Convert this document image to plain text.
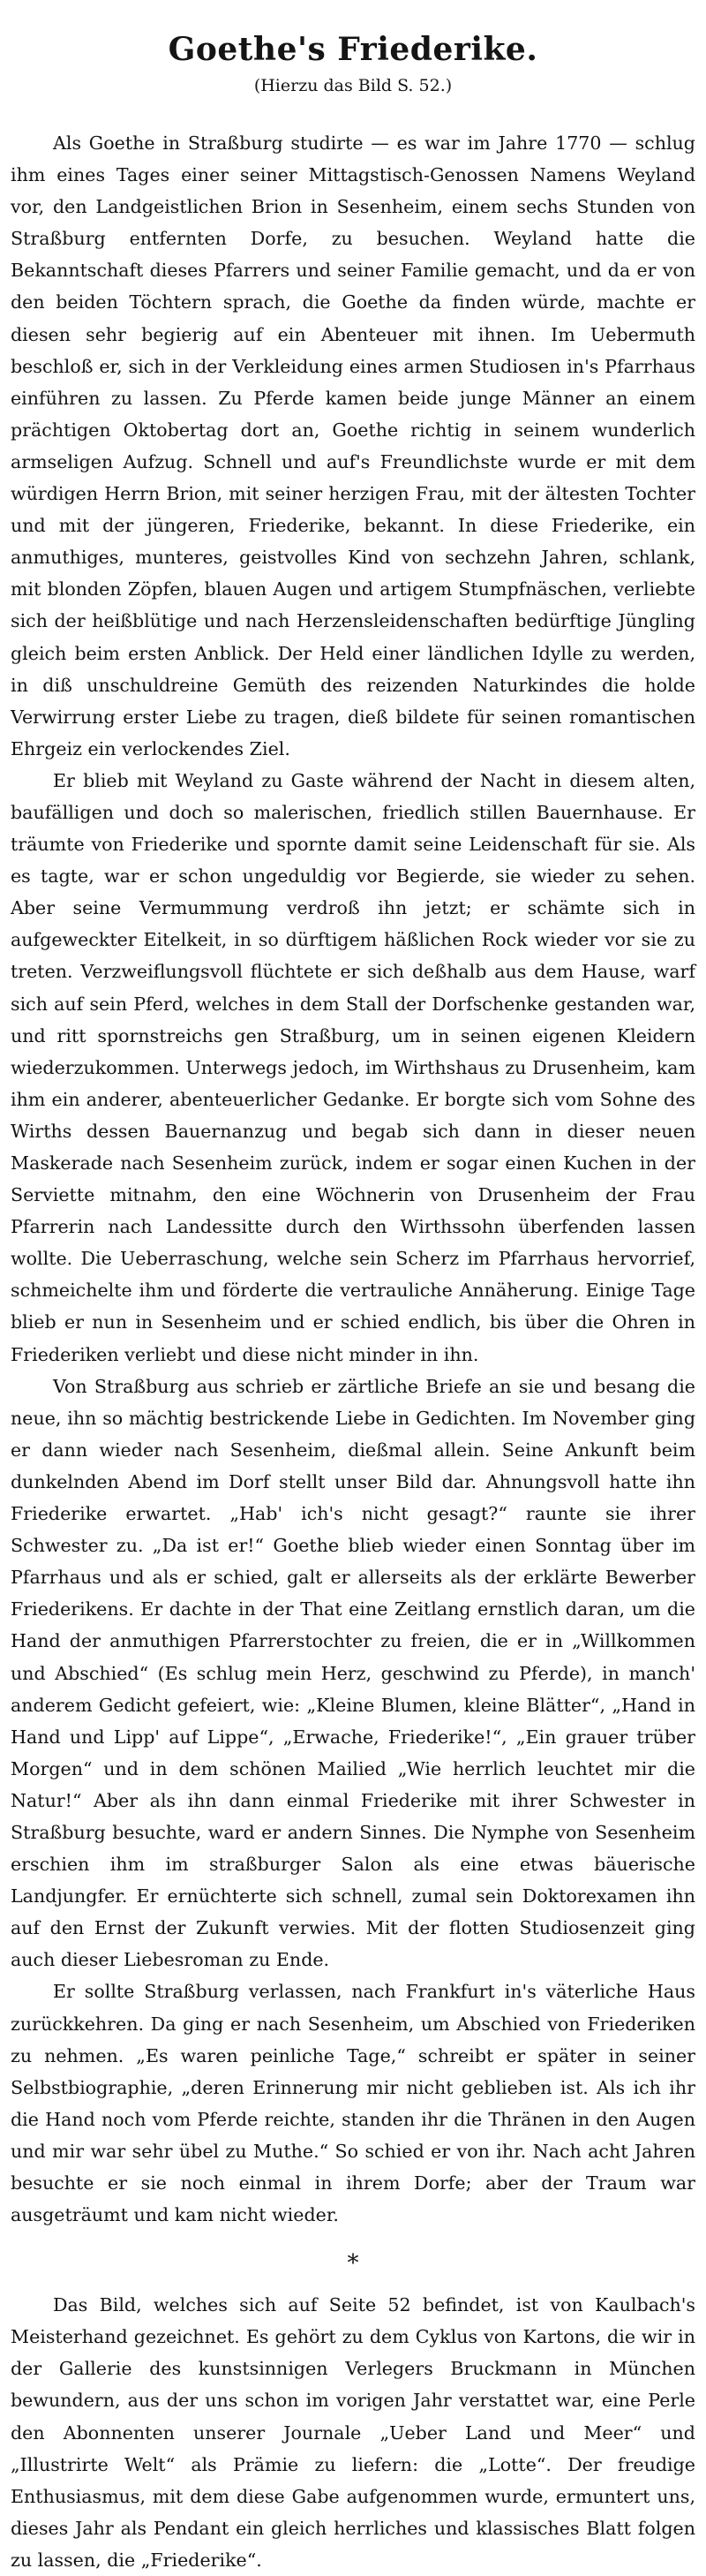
Goethe's Friederike.
(Hierzu das Bild S. 52.)

Als Goethe in Straßburg studirte — es war im Jahre 1770 — schlug ihm eines Tages einer seiner Mittagstisch-Genossen Namens Weyland vor, den Landgeistlichen Brion in Sesenheim, einem sechs Stunden von Straßburg entfernten Dorfe, zu besuchen. Weyland hatte die Bekanntschaft dieses Pfarrers und seiner Familie gemacht, und da er von den beiden Töchtern sprach, die Goethe da finden würde, machte er diesen sehr begierig auf ein Abenteuer mit ihnen. Im Uebermuth beschloß er, sich in der Verkleidung eines armen Studiosen in's Pfarrhaus einführen zu lassen. Zu Pferde kamen beide junge Männer an einem prächtigen Oktobertag dort an, Goethe richtig in seinem wunderlich armseligen Aufzug. Schnell und auf's Freundlichste wurde er mit dem würdigen Herrn Brion, mit seiner herzigen Frau, mit der ältesten Tochter und mit der jüngeren, Friederike, bekannt. In diese Friederike, ein anmuthiges, munteres, geistvolles Kind von sechzehn Jahren, schlank, mit blonden Zöpfen, blauen Augen und artigem Stumpfnäschen, verliebte sich der heißblütige und nach Herzensleidenschaften bedürftige Jüngling gleich beim ersten Anblick. Der Held einer ländlichen Idylle zu werden, in diß unschuldreine Gemüth des reizenden Naturkindes die holde Verwirrung erster Liebe zu tragen, dieß bildete für seinen romantischen Ehrgeiz ein verlockendes Ziel.

Er blieb mit Weyland zu Gaste während der Nacht in diesem alten, baufälligen und doch so malerischen, friedlich stillen Bauernhause. Er träumte von Friederike und spornte damit seine Leidenschaft für sie. Als es tagte, war er schon ungeduldig vor Begierde, sie wieder zu sehen. Aber seine Vermummung verdroß ihn jetzt; er schämte sich in aufgeweckter Eitelkeit, in so dürftigem häßlichen Rock wieder vor sie zu treten. Verzweiflungsvoll flüchtete er sich deßhalb aus dem Hause, warf sich auf sein Pferd, welches in dem Stall der Dorfschenke gestanden war, und ritt spornstreichs gen Straßburg, um in seinen eigenen Kleidern wiederzukommen. Unterwegs jedoch, im Wirthshaus zu Drusenheim, kam ihm ein anderer, abenteuerlicher Gedanke. Er borgte sich vom Sohne des Wirths dessen Bauernanzug und begab sich dann in dieser neuen Maskerade nach Sesenheim zurück, indem er sogar einen Kuchen in der Serviette mitnahm, den eine Wöchnerin von Drusenheim der Frau Pfarrerin nach Landessitte durch den Wirthssohn überfenden lassen wollte. Die Ueberraschung, welche sein Scherz im Pfarrhaus hervorrief, schmeichelte ihm und förderte die vertrauliche Annäherung. Einige Tage blieb er nun in Sesenheim und er schied endlich, bis über die Ohren in Friederiken verliebt und diese nicht minder in ihn.

Von Straßburg aus schrieb er zärtliche Briefe an sie und besang die neue, ihn so mächtig bestrickende Liebe in Gedichten. Im November ging er dann wieder nach Sesenheim, dießmal allein. Seine Ankunft beim dunkelnden Abend im Dorf stellt unser Bild dar. Ahnungsvoll hatte ihn Friederike erwartet. „Hab' ich's nicht gesagt?“ raunte sie ihrer Schwester zu. „Da ist er!“ Goethe blieb wieder einen Sonntag über im Pfarrhaus und als er schied, galt er allerseits als der erklärte Bewerber Friederikens. Er dachte in der That eine Zeitlang ernstlich daran, um die Hand der anmuthigen Pfarrerstochter zu freien, die er in „Willkommen und Abschied“ (Es schlug mein Herz, geschwind zu Pferde), in manch' anderem Gedicht gefeiert, wie: „Kleine Blumen, kleine Blätter“, „Hand in Hand und Lipp' auf Lippe“, „Erwache, Friederike!“, „Ein grauer trüber Morgen“ und in dem schönen Mailied „Wie herrlich leuchtet mir die Natur!“ Aber als ihn dann einmal Friederike mit ihrer Schwester in Straßburg besuchte, ward er andern Sinnes. Die Nymphe von Sesenheim erschien ihm im straßburger Salon als eine etwas bäuerische Landjungfer. Er ernüchterte sich schnell, zumal sein Doktorexamen ihn auf den Ernst der Zukunft verwies. Mit der flotten Studiosenzeit ging auch dieser Liebesroman zu Ende.

Er sollte Straßburg verlassen, nach Frankfurt in's väterliche Haus zurückkehren. Da ging er nach Sesenheim, um Abschied von Friederiken zu nehmen. „Es waren peinliche Tage,“ schreibt er später in seiner Selbstbiographie, „deren Erinnerung mir nicht geblieben ist. Als ich ihr die Hand noch vom Pferde reichte, standen ihr die Thränen in den Augen und mir war sehr übel zu Muthe.“ So schied er von ihr. Nach acht Jahren besuchte er sie noch einmal in ihrem Dorfe; aber der Traum war ausgeträumt und kam nicht wieder.

*

Das Bild, welches sich auf Seite 52 befindet, ist von Kaulbach's Meisterhand gezeichnet. Es gehört zu dem Cyklus von Kartons, die wir in der Gallerie des kunstsinnigen Verlegers Bruckmann in München bewundern, aus der uns schon im vorigen Jahr verstattet war, eine Perle den Abonnenten unserer Journale „Ueber Land und Meer“ und „Illustrirte Welt“ als Prämie zu liefern: die „Lotte“. Der freudige Enthusiasmus, mit dem diese Gabe aufgenommen wurde, ermuntert uns, dieses Jahr als Pendant ein gleich herrliches und klassisches Blatt folgen zu lassen, die „Friederike“.
